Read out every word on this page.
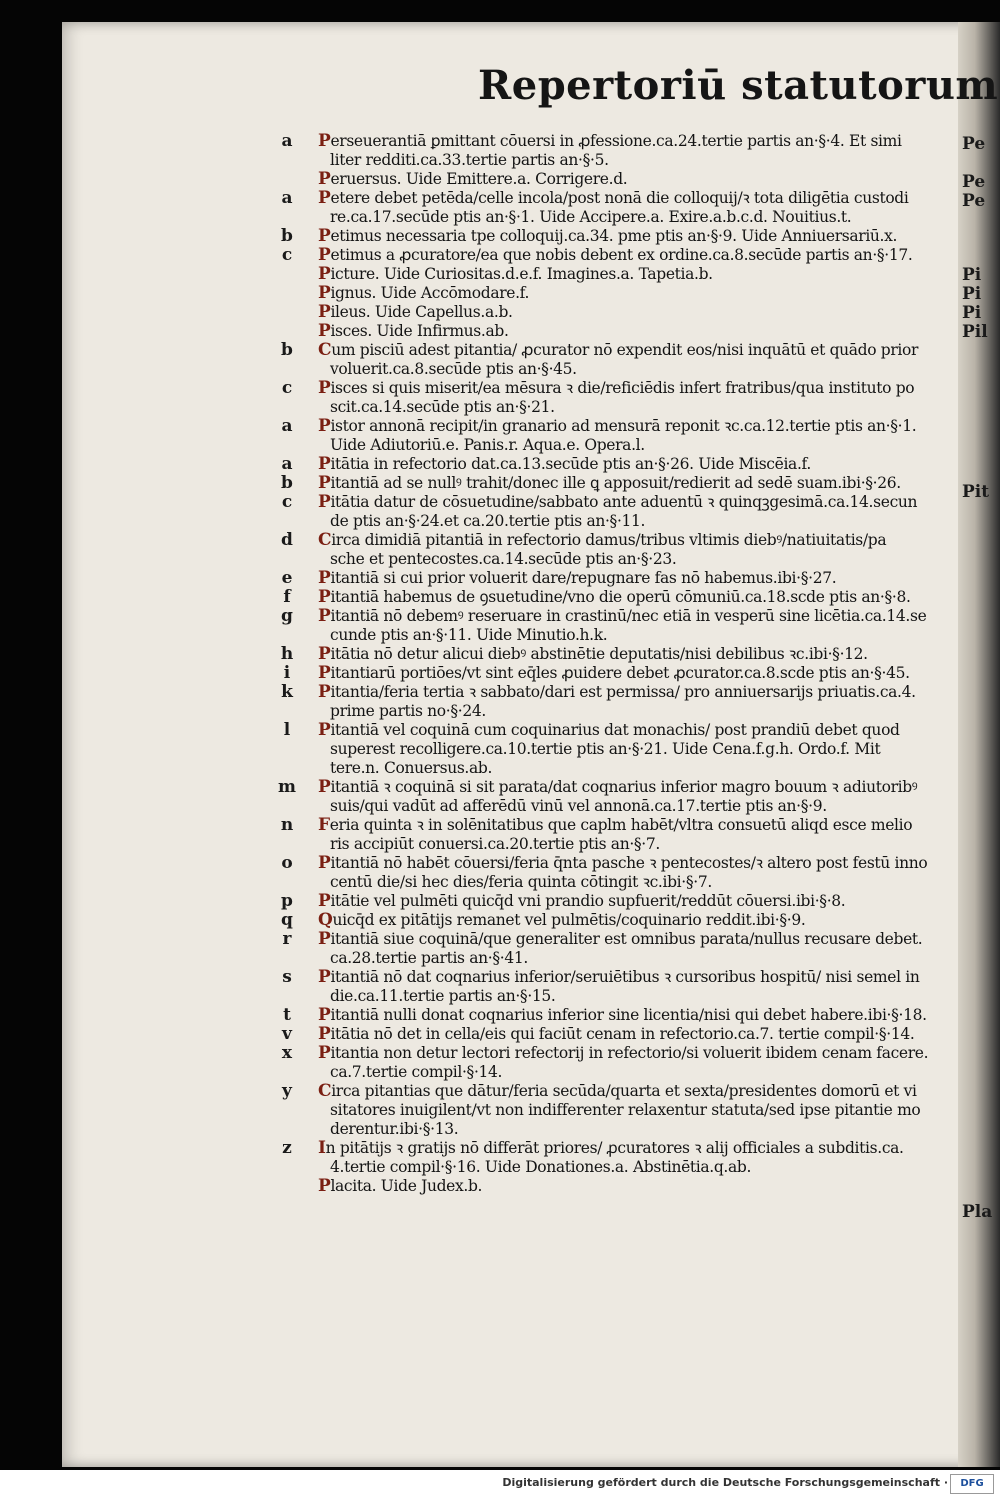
Repertoriū statutorum
a	Perseuerantiā ꝑmittant cōuersi in ꝓfessione.ca.24.tertie partis an·§·4. Et simi
liter redditi.ca.33.tertie partis an·§·5.
Peruersus. Uide Emittere.a. Corrigere.d.
a	Petere debet petēda/celle incola/post nonā die colloquij/ꝛ tota diligētia custodi
re.ca.17.secūde ptis an·§·1. Uide Accipere.a. Exire.a.b.c.d. Nouitius.t.
b	Petimus necessaria tpe colloquij.ca.34. pme ptis an·§·9. Uide Anniuersariū.x.
c	Petimus a ꝓcuratore/ea que nobis debent ex ordine.ca.8.secūde partis an·§·17.
Picture. Uide Curiositas.d.e.f. Imagines.a. Tapetia.b.
Pignus. Uide Accōmodare.f.
Pileus. Uide Capellus.a.b.
Pisces. Uide Infirmus.ab.
b	Cum pisciū adest pitantia/ ꝓcurator nō expendit eos/nisi inquātū et quādo prior
voluerit.ca.8.secūde ptis an·§·45.
c	Pisces si quis miserit/ea mēsura ꝛ die/reficiēdis infert fratribus/qua instituto po
scit.ca.14.secūde ptis an·§·21.
a	Pistor annonā recipit/in granario ad mensurā reponit ꝛc.ca.12.tertie ptis an·§·1.
Uide Adiutoriū.e. Panis.r. Aqua.e. Opera.l.
a	Pitātia in refectorio dat.ca.13.secūde ptis an·§·26. Uide Miscēia.f.
b	Pitantiā ad se nullꝰ trahit/donec ille ꝗ apposuit/redierit ad sedē suam.ibi·§·26.
c	Pitātia datur de cōsuetudine/sabbato ante aduentū ꝛ quinqꝫgesimā.ca.14.secun
de ptis an·§·24.et ca.20.tertie ptis an·§·11.
d	Circa dimidiā pitantiā in refectorio damus/tribus vltimis diebꝰ/natiuitatis/pa
sche et pentecostes.ca.14.secūde ptis an·§·23.
e	Pitantiā si cui prior voluerit dare/repugnare fas nō habemus.ibi·§·27.
f	Pitantiā habemus de ꝯsuetudine/vno die operū cōmuniū.ca.18.scde ptis an·§·8.
g	Pitantiā nō debemꝰ reseruare in crastinū/nec etiā in vesperū sine licētia.ca.14.se
cunde ptis an·§·11. Uide Minutio.h.k.
h	Pitātia nō detur alicui diebꝰ abstinētie deputatis/nisi debilibus ꝛc.ibi·§·12.
i	Pitantiarū portiōes/vt sint eq̄les ꝓuidere debet ꝓcurator.ca.8.scde ptis an·§·45.
k	Pitantia/feria tertia ꝛ sabbato/dari est permissa/ pro anniuersarijs priuatis.ca.4.
prime partis no·§·24.
l	Pitantiā vel coquinā cum coquinarius dat monachis/ post prandiū debet quod
superest recolligere.ca.10.tertie ptis an·§·21. Uide Cena.f.g.h. Ordo.f. Mit
tere.n. Conuersus.ab.
m	Pitantiā ꝛ coquinā si sit parata/dat coqnarius inferior magro bouum ꝛ adiutoribꝰ
suis/qui vadūt ad afferēdū vinū vel annonā.ca.17.tertie ptis an·§·9.
n	Feria quinta ꝛ in solēnitatibus que caplm habēt/vltra consuetū aliqd esce melio
ris accipiūt conuersi.ca.20.tertie ptis an·§·7.
o	Pitantiā nō habēt cōuersi/feria q̄nta pasche ꝛ pentecostes/ꝛ altero post festū inno
centū die/si hec dies/feria quinta cōtingit ꝛc.ibi·§·7.
p	Pitātie vel pulmēti quicq̄d vni prandio supfuerit/reddūt cōuersi.ibi·§·8.
q	Quicq̄d ex pitātijs remanet vel pulmētis/coquinario reddit.ibi·§·9.
r	Pitantiā siue coquinā/que generaliter est omnibus parata/nullus recusare debet.
ca.28.tertie partis an·§·41.
s	Pitantiā nō dat coqnarius inferior/seruiētibus ꝛ cursoribus hospitū/ nisi semel in
die.ca.11.tertie partis an·§·15.
t	Pitantiā nulli donat coqnarius inferior sine licentia/nisi qui debet habere.ibi·§·18.
v	Pitātia nō det in cella/eis qui faciūt cenam in refectorio.ca.7. tertie compil·§·14.
x	Pitantia non detur lectori refectorij in refectorio/si voluerit ibidem cenam facere.
ca.7.tertie compil·§·14.
y	Circa pitantias que dātur/feria secūda/quarta et sexta/presidentes domorū et vi
sitatores inuigilent/vt non indifferenter relaxentur statuta/sed ipse pitantie mo
derentur.ibi·§·13.
z	In pitātijs ꝛ gratijs nō differāt priores/ ꝓcuratores ꝛ alij officiales a subditis.ca.
4.tertie compil·§·16. Uide Donationes.a. Abstinētia.q.ab.
Placita. Uide Judex.b.
Pe
Pe
Pe
Pi
Pi
Pi
Pil
Pit
Pla
Digitalisierung gefördert durch die Deutsche Forschungsgemeinschaft ·	DFG
